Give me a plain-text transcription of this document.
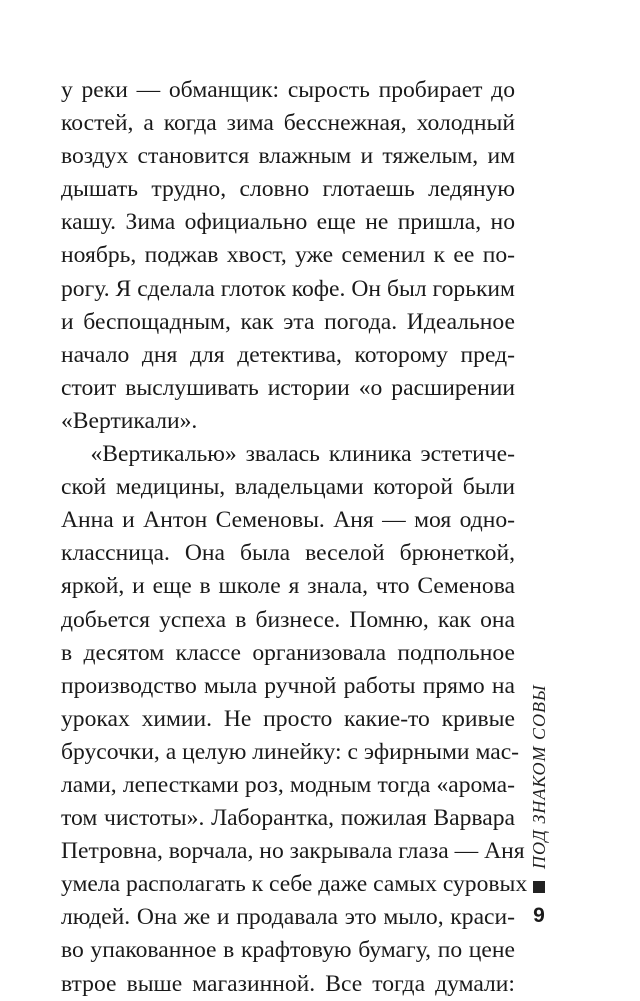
у реки — обманщик: сырость пробирает до
костей, а когда зима бесснежная, холодный
воздух становится влажным и тяжелым, им
дышать трудно, словно глотаешь ледяную
кашу. Зима официально еще не пришла, но
ноябрь, поджав хвост, уже семенил к ее по-
рогу. Я сделала глоток кофе. Он был горьким
и беспощадным, как эта погода. Идеальное
начало дня для детектива, которому пред-
стоит выслушивать истории «о расширении
«Вертикали».
«Вертикалью» звалась клиника эстетиче-
ской медицины, владельцами которой были
Анна и Антон Семеновы. Аня — моя одно-
классница. Она была веселой брюнеткой,
яркой, и еще в школе я знала, что Семенова
добьется успеха в бизнесе. Помню, как она
в десятом классе организовала подпольное
производство мыла ручной работы прямо на
уроках химии. Не просто какие-то кривые
брусочки, а целую линейку: с эфирными мас-
лами, лепестками роз, модным тогда «арома-
том чистоты». Лаборантка, пожилая Варвара
Петровна, ворчала, но закрывала глаза — Аня
умела располагать к себе даже самых суровых
людей. Она же и продавала это мыло, краси-
во упакованное в крафтовую бумагу, по цене
втрое выше магазинной. Все тогда думали:
ПОД ЗНАКОМ СОВЫ
9
